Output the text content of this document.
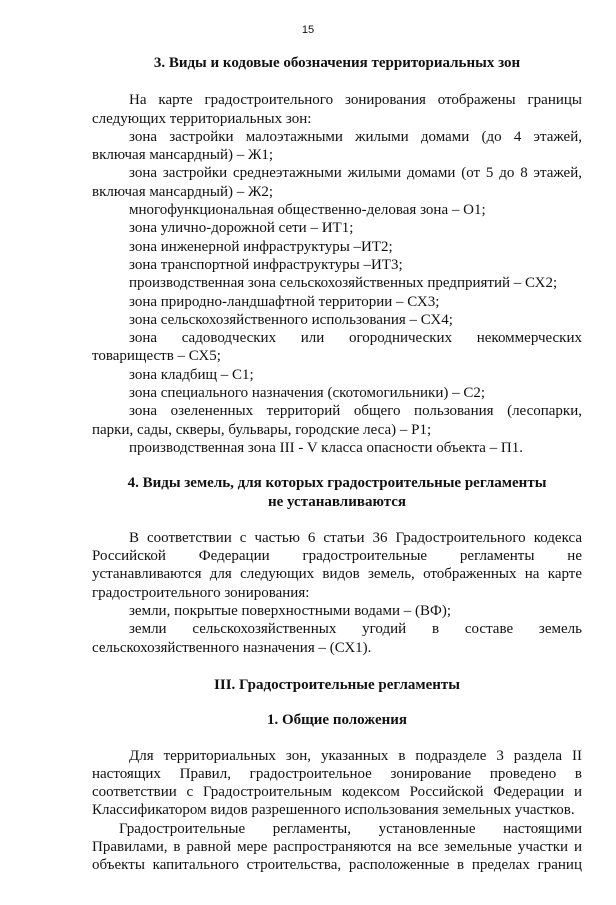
15

3. Виды и кодовые обозначения территориальных зон

На карте градостроительного зонирования отображены границы

следующих территориальных зон:

зона застройки малоэтажными жилыми домами (до 4 этажей,

включая мансардный) – Ж1;

зона застройки среднеэтажными жилыми домами (от 5 до 8 этажей,

включая мансардный) – Ж2;

многофункциональная общественно-деловая зона – О1;

зона улично-дорожной сети – ИТ1;

зона инженерной инфраструктуры –ИТ2;

зона транспортной инфраструктуры –ИТ3;

производственная зона сельскохозяйственных предприятий – СХ2;

зона природно-ландшафтной территории – СХ3;

зона сельскохозяйственного использования – СХ4;

зона садоводческих или огороднических некоммерческих

товариществ – СХ5;

зона кладбищ – С1;

зона специального назначения (скотомогильники) – С2;

зона озелененных территорий общего пользования (лесопарки,

парки, сады, скверы, бульвары, городские леса) – Р1;

производственная зона III - V класса опасности объекта – П1.

4. Виды земель, для которых градостроительные регламенты

не устанавливаются

В соответствии с частью 6 статьи 36 Градостроительного кодекса

Российской Федерации градостроительные регламенты не

устанавливаются для следующих видов земель, отображенных на карте

градостроительного зонирования:

земли, покрытые поверхностными водами – (ВФ);

земли сельскохозяйственных угодий в составе земель

сельскохозяйственного назначения – (СХ1).

III. Градостроительные регламенты

1. Общие положения

Для территориальных зон, указанных в подразделе 3 раздела II

настоящих Правил, градостроительное зонирование проведено в

соответствии с Градостроительным кодексом Российской Федерации и

Классификатором видов разрешенного использования земельных участков.

Градостроительные регламенты, установленные настоящими

Правилами, в равной мере распространяются на все земельные участки и

объекты капитального строительства, расположенные в пределах границ
